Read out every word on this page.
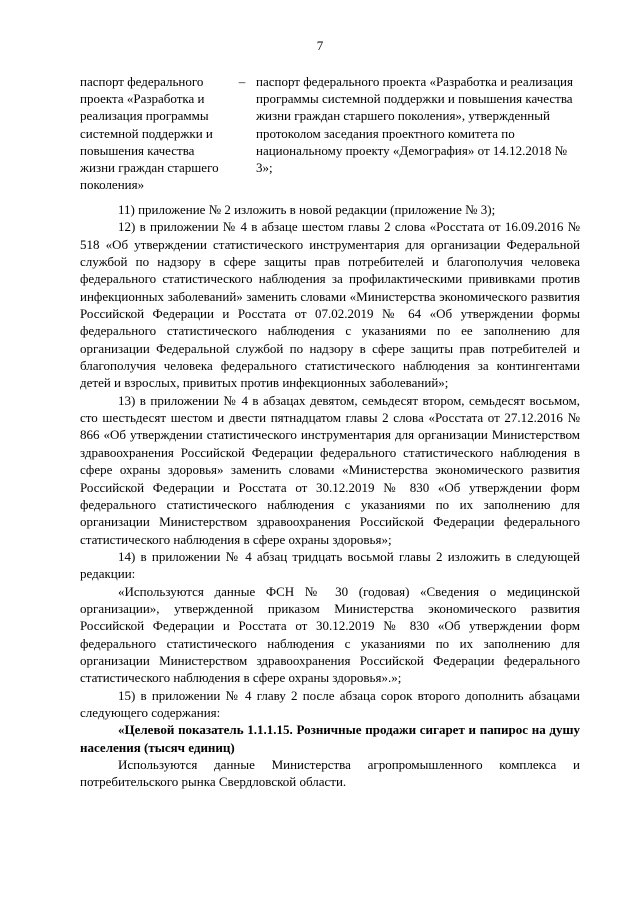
7
паспорт федерального проекта «Разработка и реализация программы системной поддержки и повышения качества жизни граждан старшего поколения»
– паспорт федерального проекта «Разработка и реализация программы системной поддержки и повышения качества жизни граждан старшего поколения», утвержденный протоколом заседания проектного комитета по национальному проекту «Демография» от 14.12.2018 № 3»;

11) приложение № 2 изложить в новой редакции (приложение № 3);

12) в приложении № 4 в абзаце шестом главы 2 слова «Росстата от 16.09.2016 № 518 «Об утверждении статистического инструментария для организации Федеральной службой по надзору в сфере защиты прав потребителей и благополучия человека федерального статистического наблюдения за профилактическими прививками против инфекционных заболеваний» заменить словами «Министерства экономического развития Российской Федерации и Росстата от 07.02.2019 № 64 «Об утверждении формы федерального статистического наблюдения с указаниями по ее заполнению для организации Федеральной службой по надзору в сфере защиты прав потребителей и благополучия человека федерального статистического наблюдения за контингентами детей и взрослых, привитых против инфекционных заболеваний»;

13) в приложении № 4 в абзацах девятом, семьдесят втором, семьдесят восьмом, сто шестьдесят шестом и двести пятнадцатом главы 2 слова «Росстата от 27.12.2016 № 866 «Об утверждении статистического инструментария для организации Министерством здравоохранения Российской Федерации федерального статистического наблюдения в сфере охраны здоровья» заменить словами «Министерства экономического развития Российской Федерации и Росстата от 30.12.2019 № 830 «Об утверждении форм федерального статистического наблюдения с указаниями по их заполнению для организации Министерством здравоохранения Российской Федерации федерального статистического наблюдения в сфере охраны здоровья»;

14) в приложении № 4 абзац тридцать восьмой главы 2 изложить в следующей редакции:

«Используются данные ФСН № 30 (годовая) «Сведения о медицинской организации», утвержденной приказом Министерства экономического развития Российской Федерации и Росстата от 30.12.2019 № 830 «Об утверждении форм федерального статистического наблюдения с указаниями по их заполнению для организации Министерством здравоохранения Российской Федерации федерального статистического наблюдения в сфере охраны здоровья».»;

15) в приложении № 4 главу 2 после абзаца сорок второго дополнить абзацами следующего содержания:

«Целевой показатель 1.1.1.15. Розничные продажи сигарет и папирос на душу населения (тысяч единиц)

Используются данные Министерства агропромышленного комплекса и потребительского рынка Свердловской области.
